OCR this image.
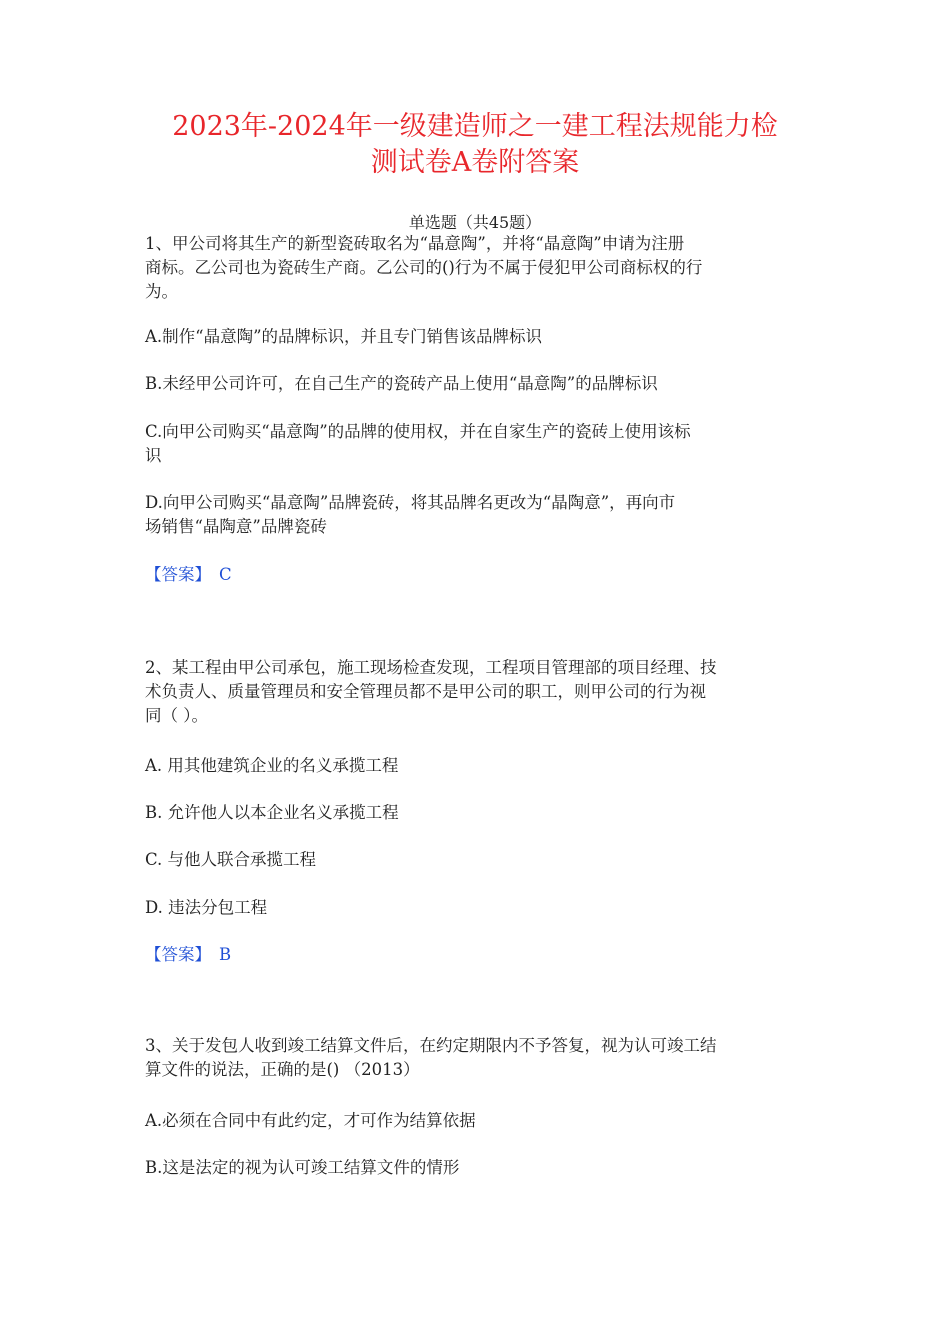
2023年-2024年一级建造师之一建工程法规能力检
测试卷A卷附答案
单选题（共45题）
1、甲公司将其生产的新型瓷砖取名为“晶意陶”，并将“晶意陶”申请为注册
商标。乙公司也为瓷砖生产商。乙公司的()行为不属于侵犯甲公司商标权的行
为。
A.制作“晶意陶”的品牌标识，并且专门销售该品牌标识
B.未经甲公司许可，在自己生产的瓷砖产品上使用“晶意陶”的品牌标识
C.向甲公司购买“晶意陶”的品牌的使用权，并在自家生产的瓷砖上使用该标
识
D.向甲公司购买“晶意陶”品牌瓷砖，将其品牌名更改为“晶陶意”，再向市
场销售“晶陶意”品牌瓷砖
【答案】 C
2、某工程由甲公司承包，施工现场检查发现，工程项目管理部的项目经理、技
术负责人、质量管理员和安全管理员都不是甲公司的职工，则甲公司的行为视
同（ ）。
A. 用其他建筑企业的名义承揽工程
B. 允许他人以本企业名义承揽工程
C. 与他人联合承揽工程
D. 违法分包工程
【答案】 B
3、关于发包人收到竣工结算文件后，在约定期限内不予答复，视为认可竣工结
算文件的说法，正确的是() （2013）
A.必须在合同中有此约定，才可作为结算依据
B.这是法定的视为认可竣工结算文件的情形
